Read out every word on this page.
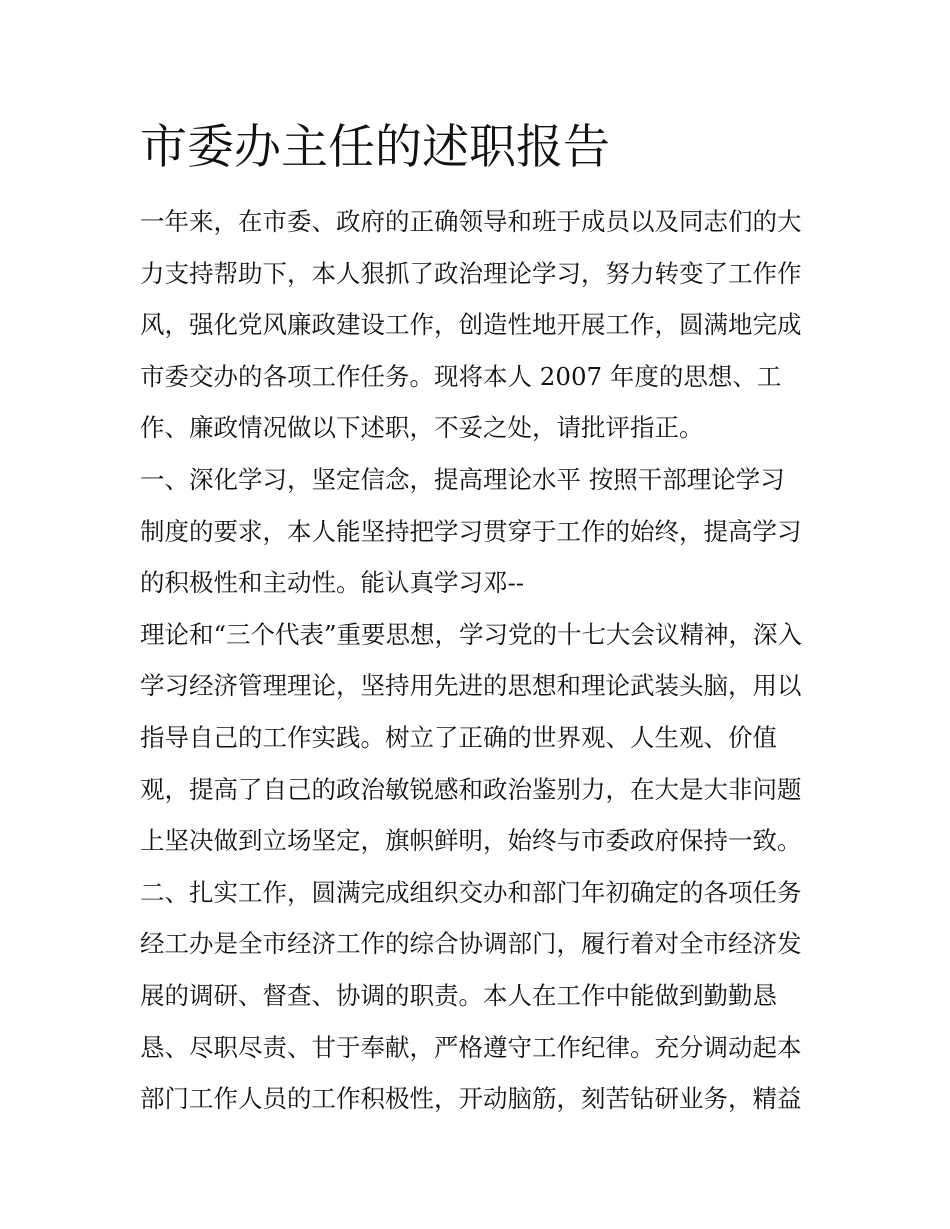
市委办主任的述职报告
一年来，在市委、政府的正确领导和班于成员以及同志们的大
力支持帮助下，本人狠抓了政治理论学习，努力转变了工作作
风，强化党风廉政建设工作，创造性地开展工作，圆满地完成
市委交办的各项工作任务。现将本人 2007 年度的思想、工
作、廉政情况做以下述职，不妥之处，请批评指正。
一、深化学习，坚定信念，提高理论水平 按照干部理论学习
制度的要求，本人能坚持把学习贯穿于工作的始终，提高学习
的积极性和主动性。能认真学习邓--
理论和“三个代表”重要思想，学习党的十七大会议精神，深入
学习经济管理理论，坚持用先进的思想和理论武装头脑，用以
指导自己的工作实践。树立了正确的世界观、人生观、价值
观，提高了自己的政治敏锐感和政治鉴别力，在大是大非问题
上坚决做到立场坚定，旗帜鲜明，始终与市委政府保持一致。
二、扎实工作，圆满完成组织交办和部门年初确定的各项任务
经工办是全市经济工作的综合协调部门，履行着对全市经济发
展的调研、督查、协调的职责。本人在工作中能做到勤勤恳
恳、尽职尽责、甘于奉献，严格遵守工作纪律。充分调动起本
部门工作人员的工作积极性，开动脑筋，刻苦钻研业务，精益
